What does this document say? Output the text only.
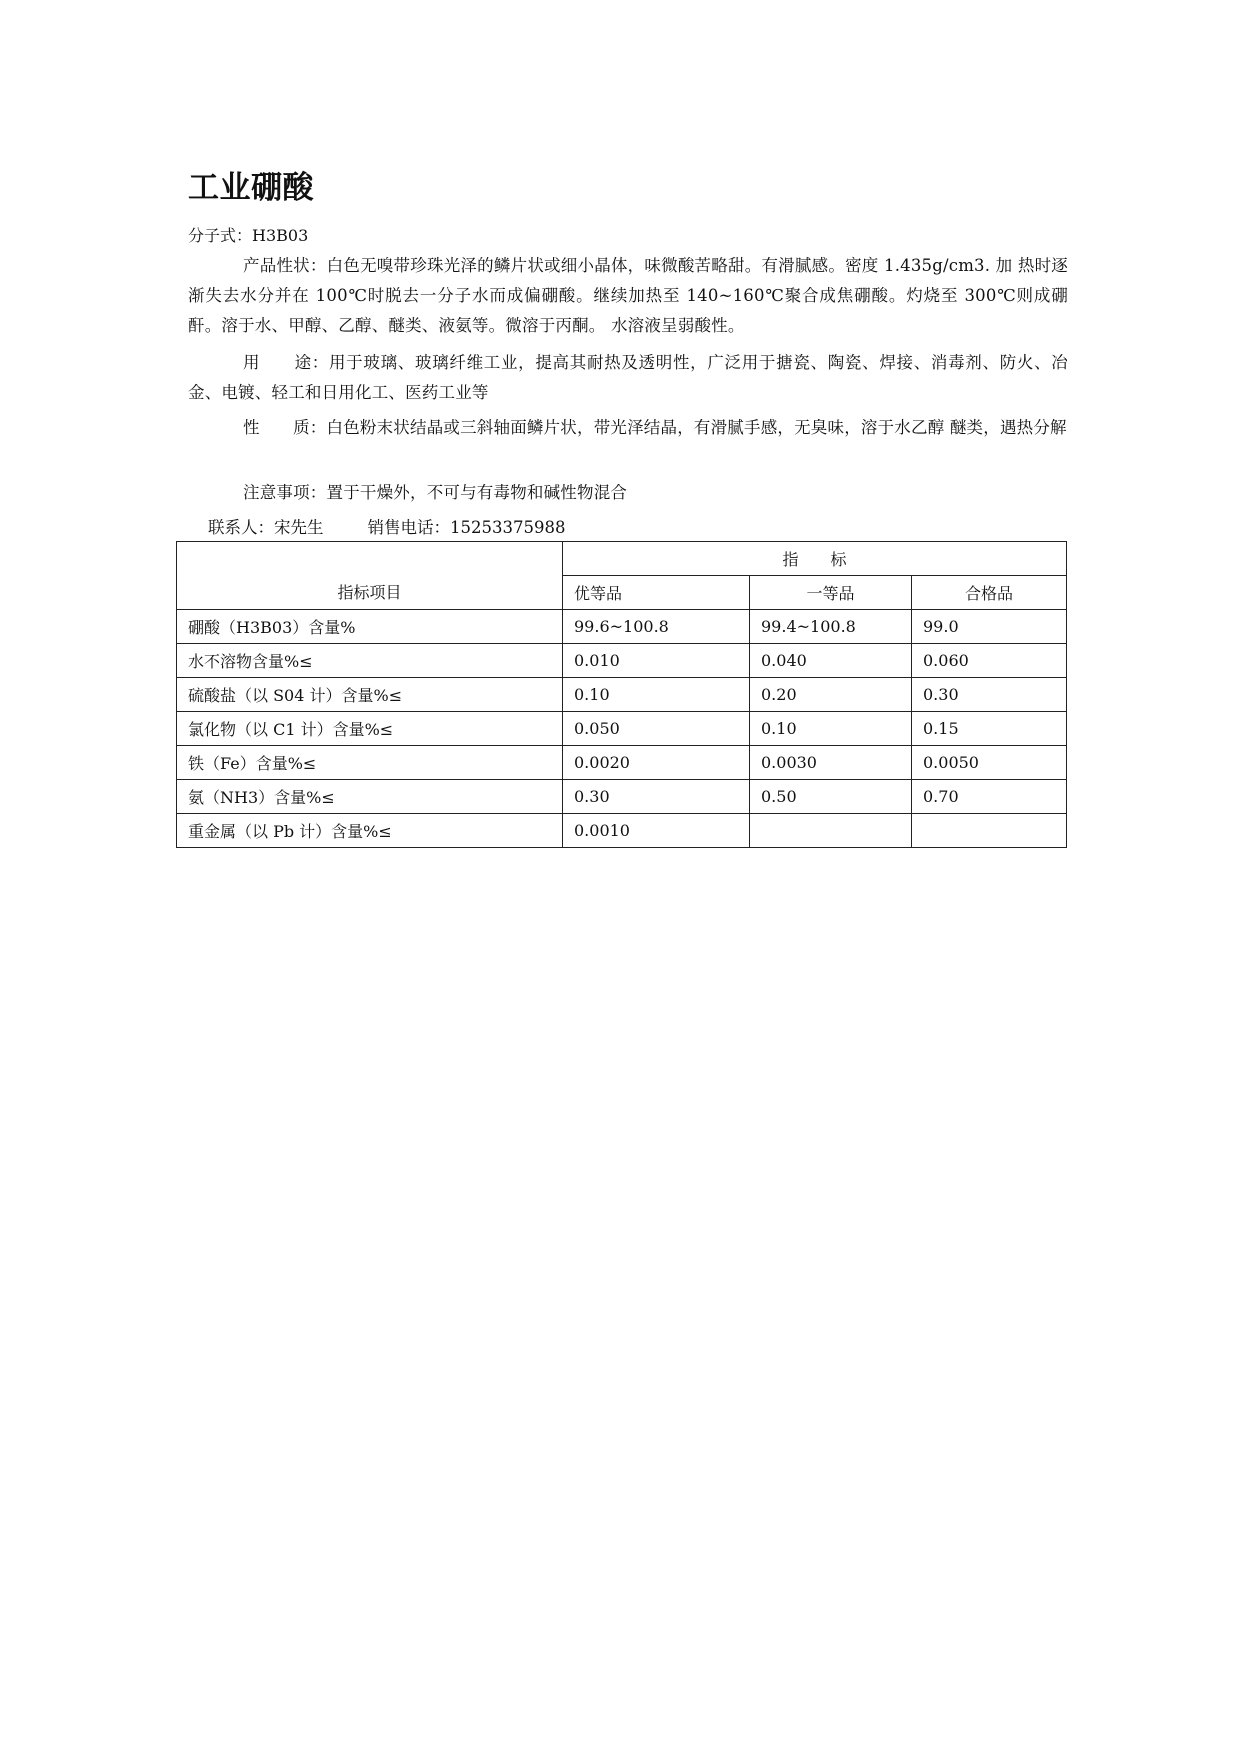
工业硼酸
分子式：H3B03
产品性状：白色无嗅带珍珠光泽的鳞片状或细小晶体，味微酸苦略甜。有滑腻感。密度 1.435g/cm3. 加 热时逐渐失去水分并在 100℃时脱去一分子水而成偏硼酸。继续加热至 140~160℃聚合成焦硼酸。灼烧至 300℃则成硼酐。溶于水、甲醇、乙醇、醚类、液氨等。微溶于丙酮。 水溶液呈弱酸性。
用　　途：用于玻璃、玻璃纤维工业，提高其耐热及透明性，广泛用于搪瓷、陶瓷、焊接、消毒剂、防火、冶金、电镀、轻工和日用化工、医药工业等
性　　质：白色粉末状结晶或三斜轴面鳞片状，带光泽结晶，有滑腻手感，无臭味，溶于水乙醇 醚类，遇热分解
注意事项：置于干燥外，不可与有毒物和碱性物混合
联系人：宋先生	销售电话：15253375988
指标项目	指　　标		
	优等品	一等品	合格品
硼酸（H3B03）含量%	99.6~100.8	99.4~100.8	99.0
水不溶物含量%≤	0.010	0.040	0.060
硫酸盐（以 S04 计）含量%≤	0.10	0.20	0.30
氯化物（以 C1 计）含量%≤	0.050	0.10	0.15
铁（Fe）含量%≤	0.0020	0.0030	0.0050
氨（NH3）含量%≤	0.30	0.50	0.70
重金属（以 Pb 计）含量%≤	0.0010		
